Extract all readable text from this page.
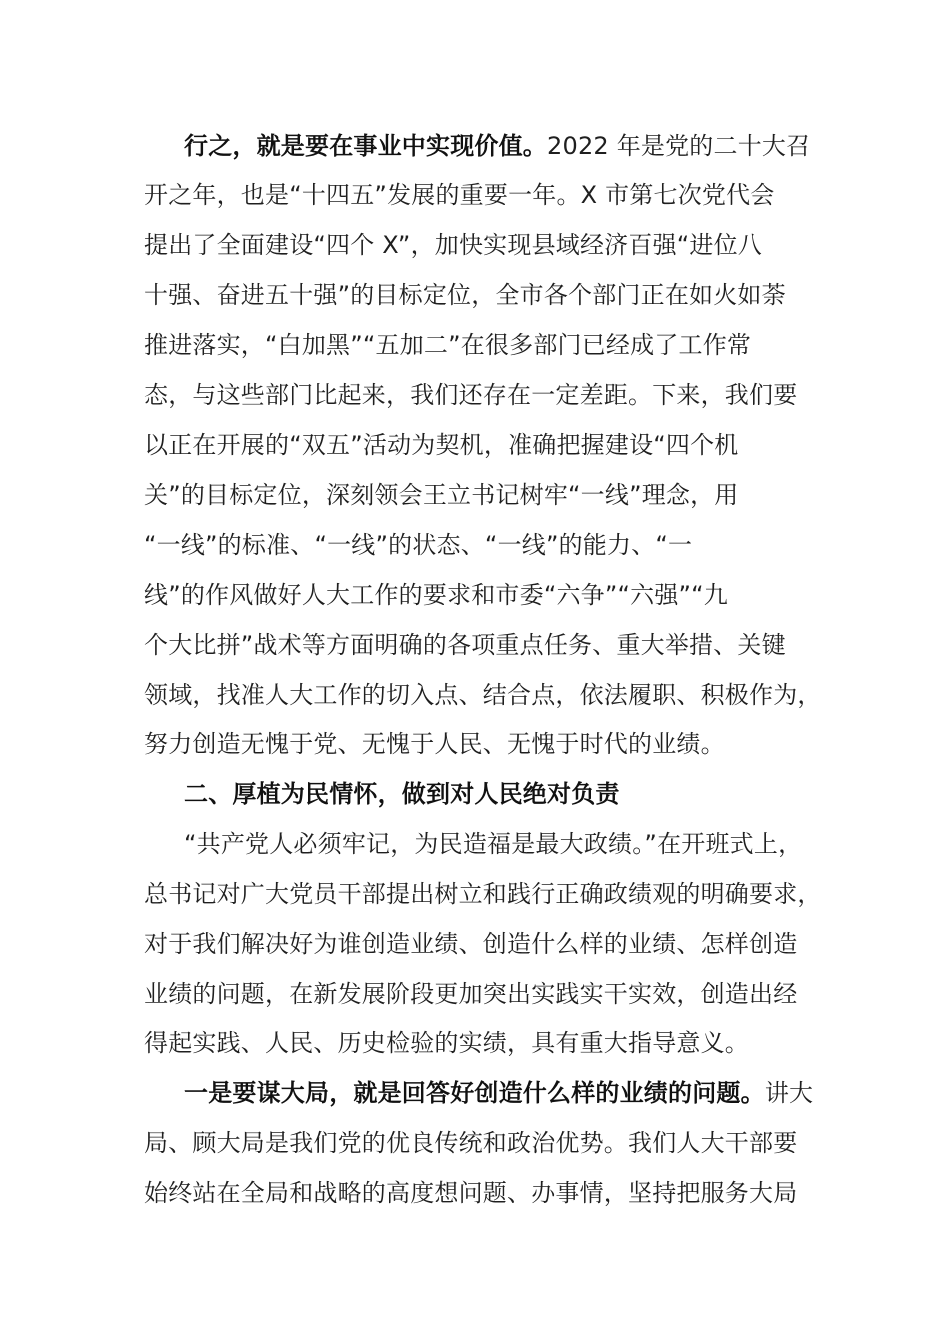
行之，就是要在事业中实现价值。2022 年是党的二十大召
开之年，也是“十四五”发展的重要一年。X 市第七次党代会
提出了全面建设“四个 X”，加快实现县域经济百强“进位八
十强、奋进五十强”的目标定位，全市各个部门正在如火如荼
推进落实，“白加黑”“五加二”在很多部门已经成了工作常
态，与这些部门比起来，我们还存在一定差距。下来，我们要
以正在开展的“双五”活动为契机，准确把握建设“四个机
关”的目标定位，深刻领会王立书记树牢“一线”理念，用
“一线”的标准、“一线”的状态、“一线”的能力、“一
线”的作风做好人大工作的要求和市委“六争”“六强”“九
个大比拼”战术等方面明确的各项重点任务、重大举措、关键
领域，找准人大工作的切入点、结合点，依法履职、积极作为，
努力创造无愧于党、无愧于人民、无愧于时代的业绩。
二、厚植为民情怀，做到对人民绝对负责
“共产党人必须牢记，为民造福是最大政绩。”在开班式上，
总书记对广大党员干部提出树立和践行正确政绩观的明确要求，
对于我们解决好为谁创造业绩、创造什么样的业绩、怎样创造
业绩的问题，在新发展阶段更加突出实践实干实效，创造出经
得起实践、人民、历史检验的实绩，具有重大指导意义。
一是要谋大局，就是回答好创造什么样的业绩的问题。讲大
局、顾大局是我们党的优良传统和政治优势。我们人大干部要
始终站在全局和战略的高度想问题、办事情，坚持把服务大局
